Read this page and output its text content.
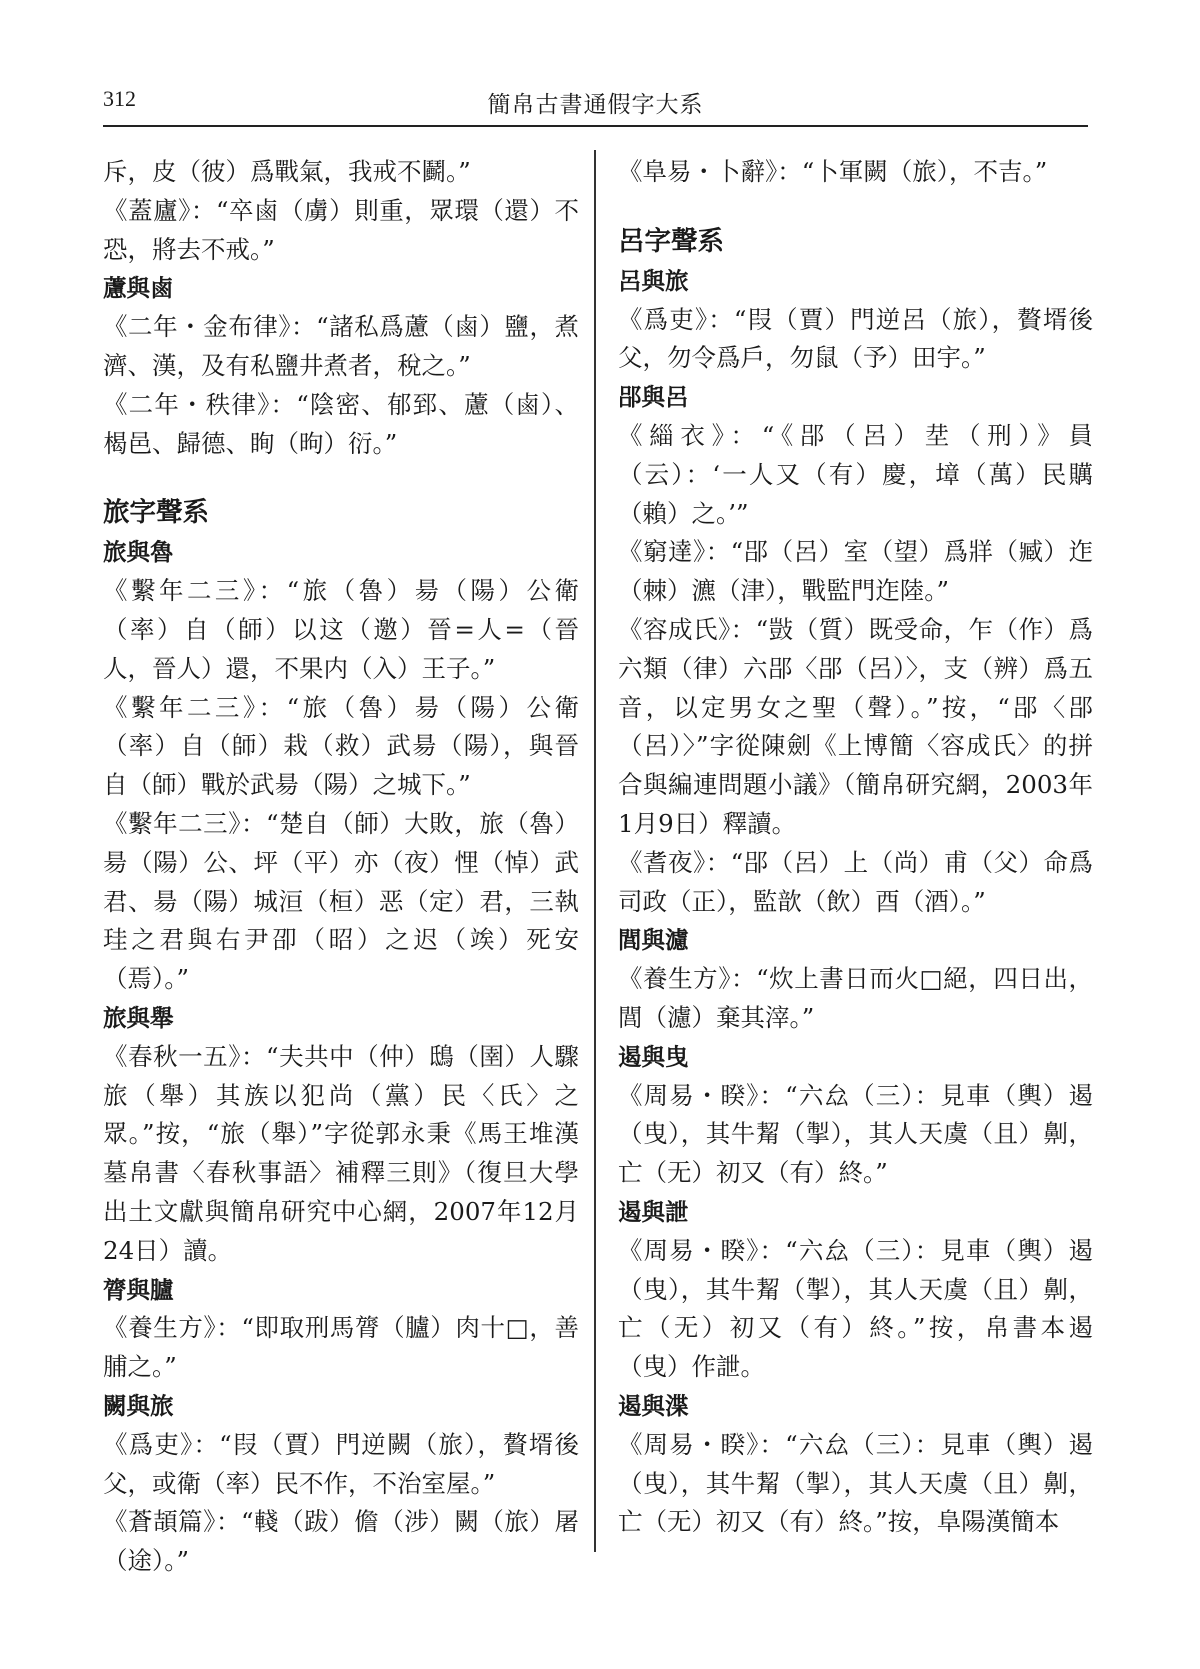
312	簡帛古書通假字大系

斥，皮（彼）爲戰氣，我戒不鬬。”

《蓋廬》：“卒鹵（虜）則重，眾環（還）不恐，將去不戒。”

藘與鹵

《二年・金布律》：“諸私爲藘（鹵）鹽，煮濟、漢，及有私鹽井煮者，稅之。”

《二年・秩律》：“陰密、郁郅、藘（鹵）、楬邑、歸德、眴（昫）衍。”

旅字聲系

旅與魯

《繫年二三》：“旅（魯）昜（陽）公衛（率）自（師）以这（邀）晉=人=（晉人，晉人）還，不果内（入）王子。”

《繫年二三》：“旅（魯）昜（陽）公衛（率）自（師）栽（救）武昜（陽），與晉自（師）戰於武昜（陽）之城下。”

《繫年二三》：“楚自（師）大敗，旅（魯）昜（陽）公、坪（平）亦（夜）悝（悼）武君、昜（陽）城洹（桓）恶（定）君，三執珪之君與右尹卲（昭）之迟（竢）死安（焉）。”

旅與舉

《春秋一五》：“夫共中（仲）鴟（圉）人驟旅（舉）其族以犯尚（黨）民〈氏〉之眾。”按，“旅（舉）”字從郭永秉《馬王堆漢墓帛書〈春秋事語〉補釋三則》（復旦大學出土文獻與簡帛研究中心網，2007年12月24日）讀。

膂與臚

《養生方》：“即取刑馬膂（臚）肉十□，善脯之。”

闕與旅

《爲吏》：“叚（賈）門逆闕（旅），贅壻後父，或衛（率）民不作，不治室屋。”

《蒼頡篇》：“輚（跋）儋（涉）闕（旅）屠（途）。”

《阜易・卜辭》：“卜軍闕（旅），不吉。”

呂字聲系

呂與旅

《爲吏》：“叚（賈）門逆呂（旅），贅壻後父，勿令爲戶，勿鼠（予）田宇。”

郘與呂

《緇衣》：“《郘（呂）坓（刑）》員（云）：‘一人又（有）慶，墇（萬）民贎（賴）之。’”

《窮達》：“郘（呂）室（望）爲牂（臧）迮（棘）瀌（津），戰監門迮陸。”

《容成氏》：“敱（質）既受命，乍（作）爲六類（律）六郘〈郘（呂）〉，支（辨）爲五音，以定男女之聖（聲）。”按，“郘〈郘（呂）〉”字從陳劍《上博簡〈容成氏〉的拼合與編連問題小議》（簡帛研究網，2003年1月9日）釋讀。

《耆夜》：“郘（呂）上（尚）甫（父）命爲司政（正），監歆（飲）酉（酒）。”

閭與濾

《養生方》：“炊上書日而火□絕，四日出，閭（濾）棄其滓。”

遏與曳

《周易・睽》：“六厽（三）：見車（輿）遏（曳），其牛觢（掣），其人天虞（且）劓，亡（无）初又（有）終。”

遏與詍

《周易・睽》：“六厽（三）：見車（輿）遏（曳），其牛觢（掣），其人天虞（且）劓，亡（无）初又（有）終。”按，帛書本遏（曳）作詍。

遏與渫

《周易・睽》：“六厽（三）：見車（輿）遏（曳），其牛觢（掣），其人天虞（且）劓，亡（无）初又（有）終。”按，阜陽漢簡本
